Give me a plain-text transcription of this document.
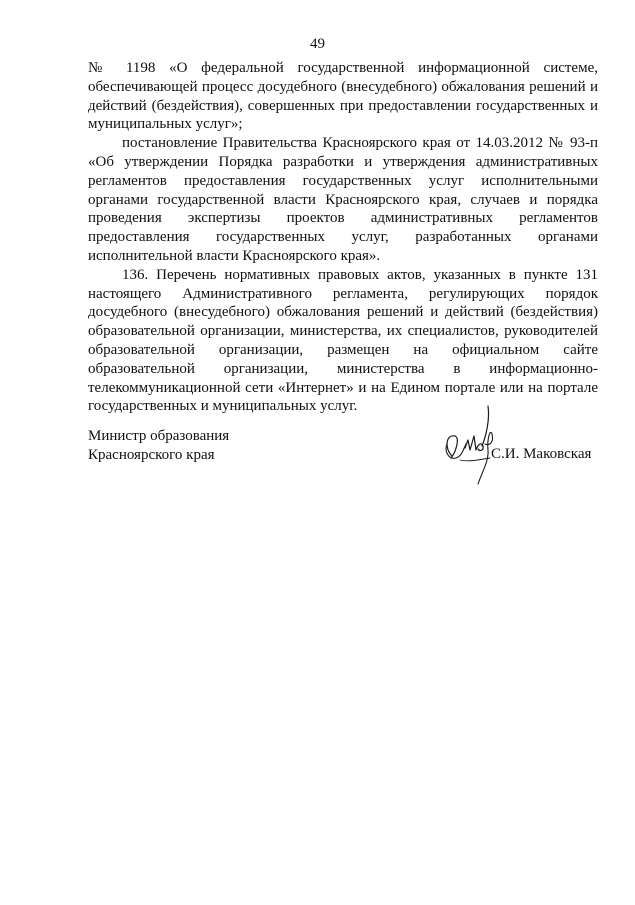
49

№ 1198 «О федеральной государственной информационной системе, обеспечивающей процесс досудебного (внесудебного) обжалования решений и действий (бездействия), совершенных при предоставлении государственных и муниципальных услуг»;

постановление Правительства Красноярского края от 14.03.2012 № 93-п «Об утверждении Порядка разработки и утверждения административных регламентов предоставления государственных услуг исполнительными органами государственной власти Красноярского края, случаев и порядка проведения экспертизы проектов административных регламентов предоставления государственных услуг, разработанных органами исполнительной власти Красноярского края».

136. Перечень нормативных правовых актов, указанных в пункте 131 настоящего Административного регламента, регулирующих порядок досудебного (внесудебного) обжалования решений и действий (бездействия) образовательной организации, министерства, их специалистов, руководителей образовательной организации, размещен на официальном сайте образовательной организации, министерства в информационно-телекоммуникационной сети «Интернет» и на Едином портале или на портале государственных и муниципальных услуг.

Министр образования
Красноярского края	С.И. Маковская
